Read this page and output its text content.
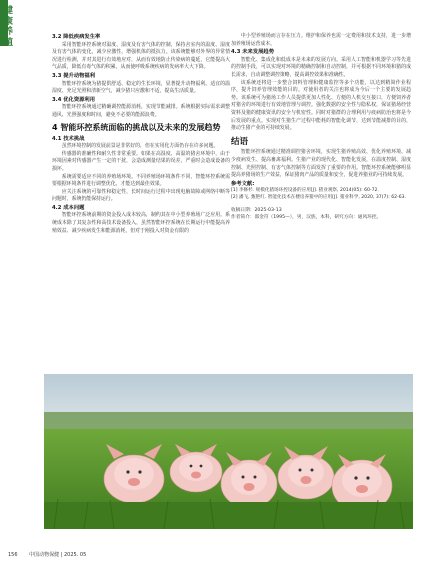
健康养殖
3.2 降低疾病发生率
采用智能环控系统对温度、湿度及有害气体的控制，保持舍室内的温度、湿度及有害气体的变化，减少应激性，增强机体的抵抗力。该系统能够对外界的异常情况进行检测，并对其进行有效地应对，从而有效地防止传染病的蔓延，它能提高大气品质，降低有毒气体的积累，从而使呼吸系统疾病的发病率大大下降。
3.3 提升动物福利
智能环控系统为猪提供舒适、稳定的生长环境，显著提升动物福利。适宜的温湿度、充足光照和清新空气，减少猪只应激和不适，提高生活质量。
3.4 优化资源利用
智能环控系统通过精确调控能源消耗，实现节能减排。系统根据实际需求调整通风、光照强度和时间，避免不必要的能源浪费。
4 智能环控系统面临的挑战以及未来的发展趋势
4.1 技术挑战
虽然环境控制的发展前景是非常好的，但在实用化方面仍存在许多问题。
传感器的准确性和耐久性非常重要。如果在高湿度、高温的猪舍环境中，由于环境因素对传感器产生一定的干扰，会造成测量结果的误差，严重时会造成设备的损坏。
系统需要适应不同的养殖场环境。不同养殖场环境条件不同，智能环控系统需要根据环境条件进行调整优化，才能达到最佳效果。
应关注系统的可靠性和稳定性，长时间运行过程中出现电脑故障或网络中断等问题时，系统仍能保持运行。
4.2 成本问题
智能环控系统前期的资金投入成本较高，制约其在中小型养殖场广泛应用。系统成本除了其复杂性和高技术设备投入，虽然智能环控系统在长期运行中能提高养殖效益、减少疾病发生和能源消耗，但对于刚投入对资金有限的
中小型养殖场而言存在压力。维护和保养也需一定费用和技术支持，进一步增加养殖场运营成本。
4.3 未来发展趋势
智能化、集成化和低成本是未来的发展方向。采用人工智能和机器学习等先进的控制手段，可以实现对环境的精确控制和自动控制，并可根据不同环境和猪的成长需求，自动调整调控策略，提高调控效果和准确性。
该系统还将进一步整合饲料管理和健康监控等多个功能，以达到精简作业程序，提升饲养管理效能的目的。对使用者的关注也将成为今后一个主要的发展趋势。该系统可为猪场工作人员提供更加人性化、方便的人机交互接口，方便饲养者对猪舍的环境进行有效地管理与调控。强化数据的安全性与隐私权，保证猪场经营资料及猪的健康资讯的安全与机密性。同时对猪群的合理利用与疫病防治也将是今后发展的重点。实现对生猪生产过程中能耗的智能化调节，达到节能减排的目的，推动生猪产业的可持续发展。
结语
智能环控系统通过精准调控猪舍环境，实现生猪养殖高效、优化养殖环境、减少疫病发生、提高畜禽福利。生猪产业的现代化、智能化发展，在温度控制、湿度控制、光照控制、有害气体控制等方面发挥了重要的作用。智能环控系统能够明显提高养猪场的生产效益，保证猪肉产品的质量和安全，促进养猪业的可持续发展。
参考文献:
[1] 李修杉. 规模化猪场环控设备的应用[J]. 猪业观察, 2014(05): 60-72.
[2] 潘飞, 甄艳红. 智能化技术在楼房养猪中的应用[J]. 猪业科学, 2020, 37(7): 62-63.
收稿日期：2025-03-13
作者简介：邵金符（1995—），男，汉族，本科，研究方向：通风环控。
156 中国动物保健 | 2025. 05
